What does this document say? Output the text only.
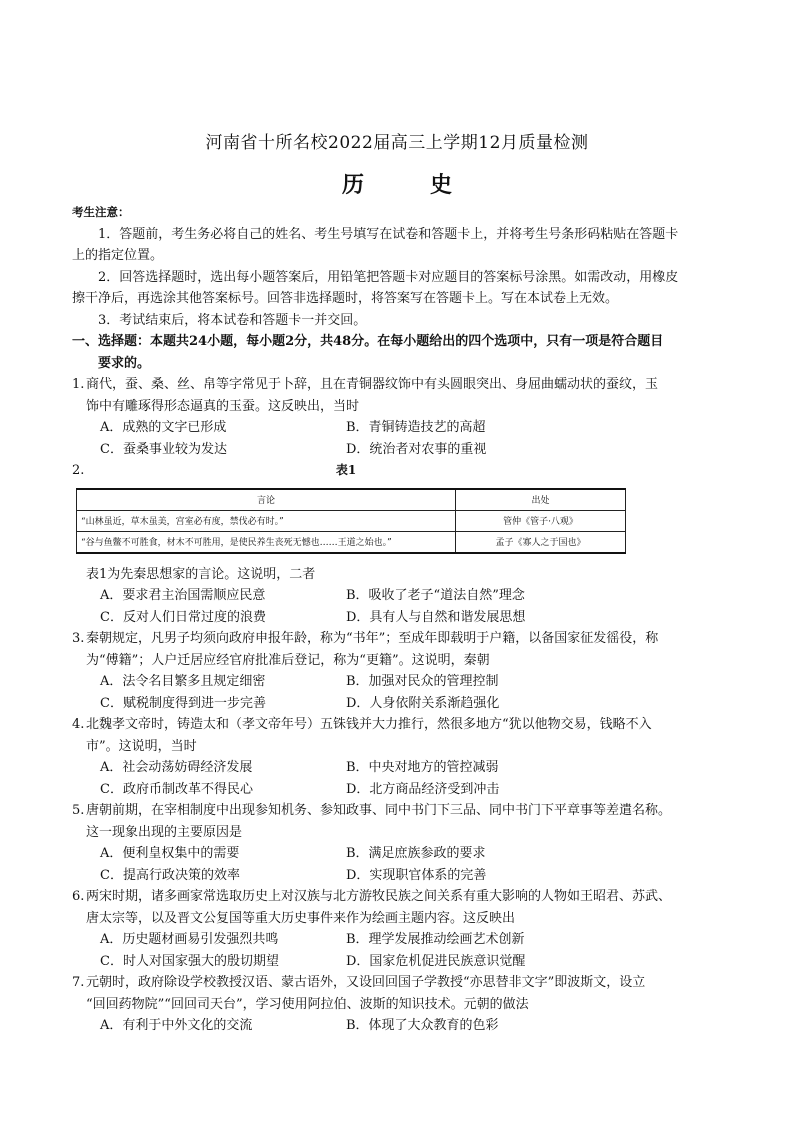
河南省十所名校2022届高三上学期12月质量检测
历　史
考生注意：
1．答题前，考生务必将自己的姓名、考生号填写在试卷和答题卡上，并将考生号条形码粘贴在答题卡
上的指定位置。
2．回答选择题时，选出每小题答案后，用铅笔把答题卡对应题目的答案标号涂黑。如需改动，用橡皮
擦干净后，再选涂其他答案标号。回答非选择题时，将答案写在答题卡上。写在本试卷上无效。
3．考试结束后，将本试卷和答题卡一并交回。
一、选择题：本题共24小题，每小题2分，共48分。在每小题给出的四个选项中，只有一项是符合题目
要求的。
1. 商代，蚕、桑、丝、帛等字常见于卜辞，且在青铜器纹饰中有头圆眼突出、身屈曲蠕动状的蚕纹，玉
饰中有雕琢得形态逼真的玉蚕。这反映出，当时
A．成熟的文字已形成	B．青铜铸造技艺的高超
C．蚕桑事业较为发达	D．统治者对农事的重视
2.	表1
言论	出处
“山林虽近，草木虽美，宫室必有度，禁伐必有时。”	管仲《管子·八观》
“谷与鱼鳖不可胜食，材木不可胜用，是使民养生丧死无憾也……王道之始也。”	孟子《寡人之于国也》
表1为先秦思想家的言论。这说明，二者
A．要求君主治国需顺应民意	B．吸收了老子“道法自然”理念
C．反对人们日常过度的浪费	D．具有人与自然和谐发展思想
3. 秦朝规定，凡男子均须向政府申报年龄，称为“书年”；至成年即载明于户籍，以备国家征发徭役，称
为“傅籍”；人户迁居应经官府批准后登记，称为“更籍”。这说明，秦朝
A．法令名目繁多且规定细密	B．加强对民众的管理控制
C．赋税制度得到进一步完善	D．人身依附关系渐趋强化
4. 北魏孝文帝时，铸造太和（孝文帝年号）五铢钱并大力推行，然很多地方“犹以他物交易，钱略不入
市”。这说明，当时
A．社会动荡妨碍经济发展	B．中央对地方的管控减弱
C．政府币制改革不得民心	D．北方商品经济受到冲击
5. 唐朝前期，在宰相制度中出现参知机务、参知政事、同中书门下三品、同中书门下平章事等差遣名称。
这一现象出现的主要原因是
A．便利皇权集中的需要	B．满足庶族参政的要求
C．提高行政决策的效率	D．实现职官体系的完善
6. 两宋时期，诸多画家常选取历史上对汉族与北方游牧民族之间关系有重大影响的人物如王昭君、苏武、
唐太宗等，以及晋文公复国等重大历史事件来作为绘画主题内容。这反映出
A．历史题材画易引发强烈共鸣	B．理学发展推动绘画艺术创新
C．时人对国家强大的殷切期望	D．国家危机促进民族意识觉醒
7. 元朝时，政府除设学校教授汉语、蒙古语外，又设回回国子学教授“亦思替非文字”即波斯文，设立
“回回药物院”“回回司天台”，学习使用阿拉伯、波斯的知识技术。元朝的做法
A．有利于中外文化的交流	B．体现了大众教育的色彩
